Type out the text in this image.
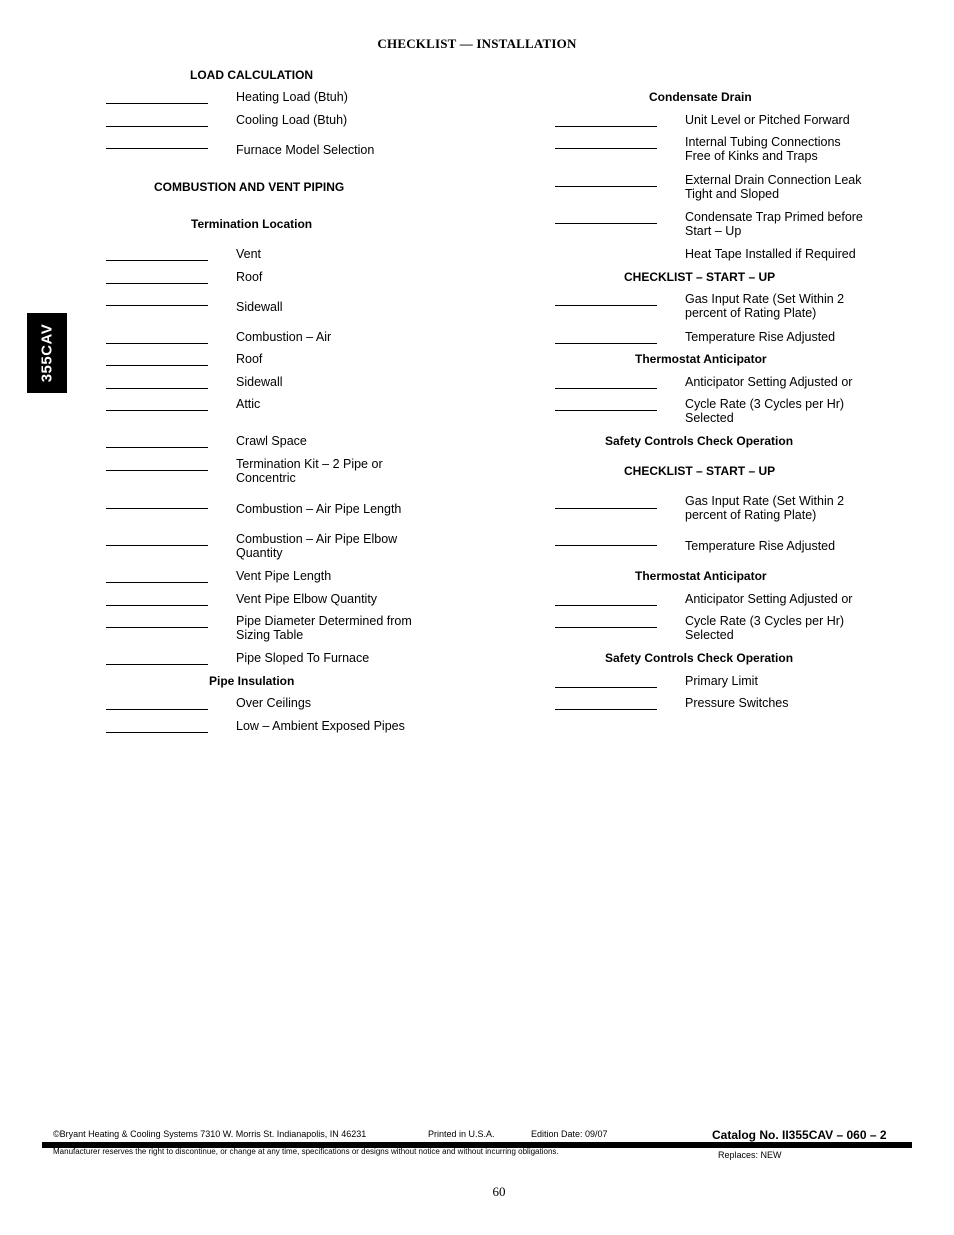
CHECKLIST — INSTALLATION
355CAV
LOAD CALCULATION
Heating Load (Btuh)
Cooling Load (Btuh)
Furnace Model Selection
COMBUSTION AND VENT PIPING
Termination Location
Vent
Roof
Sidewall
Combustion – Air
Roof
Sidewall
Attic
Crawl Space
Termination Kit – 2 Pipe or Concentric
Combustion – Air Pipe Length
Combustion – Air Pipe Elbow Quantity
Vent Pipe Length
Vent Pipe Elbow Quantity
Pipe Diameter Determined from Sizing Table
Pipe Sloped To Furnace
Pipe Insulation
Over Ceilings
Low – Ambient Exposed Pipes
Condensate Drain
Unit Level or Pitched Forward
Internal Tubing Connections Free of Kinks and Traps
External Drain Connection Leak Tight and Sloped
Condensate Trap Primed before Start – Up
Heat Tape Installed if Required
CHECKLIST – START – UP
Gas Input Rate (Set Within 2 percent of Rating Plate)
Temperature Rise Adjusted
Thermostat Anticipator
Anticipator Setting Adjusted or
Cycle Rate (3 Cycles per Hr) Selected
Safety Controls Check Operation
CHECKLIST – START – UP
Gas Input Rate (Set Within 2 percent of Rating Plate)
Temperature Rise Adjusted
Thermostat Anticipator
Anticipator Setting Adjusted or
Cycle Rate (3 Cycles per Hr) Selected
Safety Controls Check Operation
Primary Limit
Pressure Switches
©Bryant Heating & Cooling Systems 7310 W. Morris St. Indianapolis, IN 46231	Printed in U.S.A.	Edition Date: 09/07	Catalog No. II355CAV – 060 – 2
Manufacturer reserves the right to discontinue, or change at any time, specifications or designs without notice and without incurring obligations.	Replaces: NEW
60
